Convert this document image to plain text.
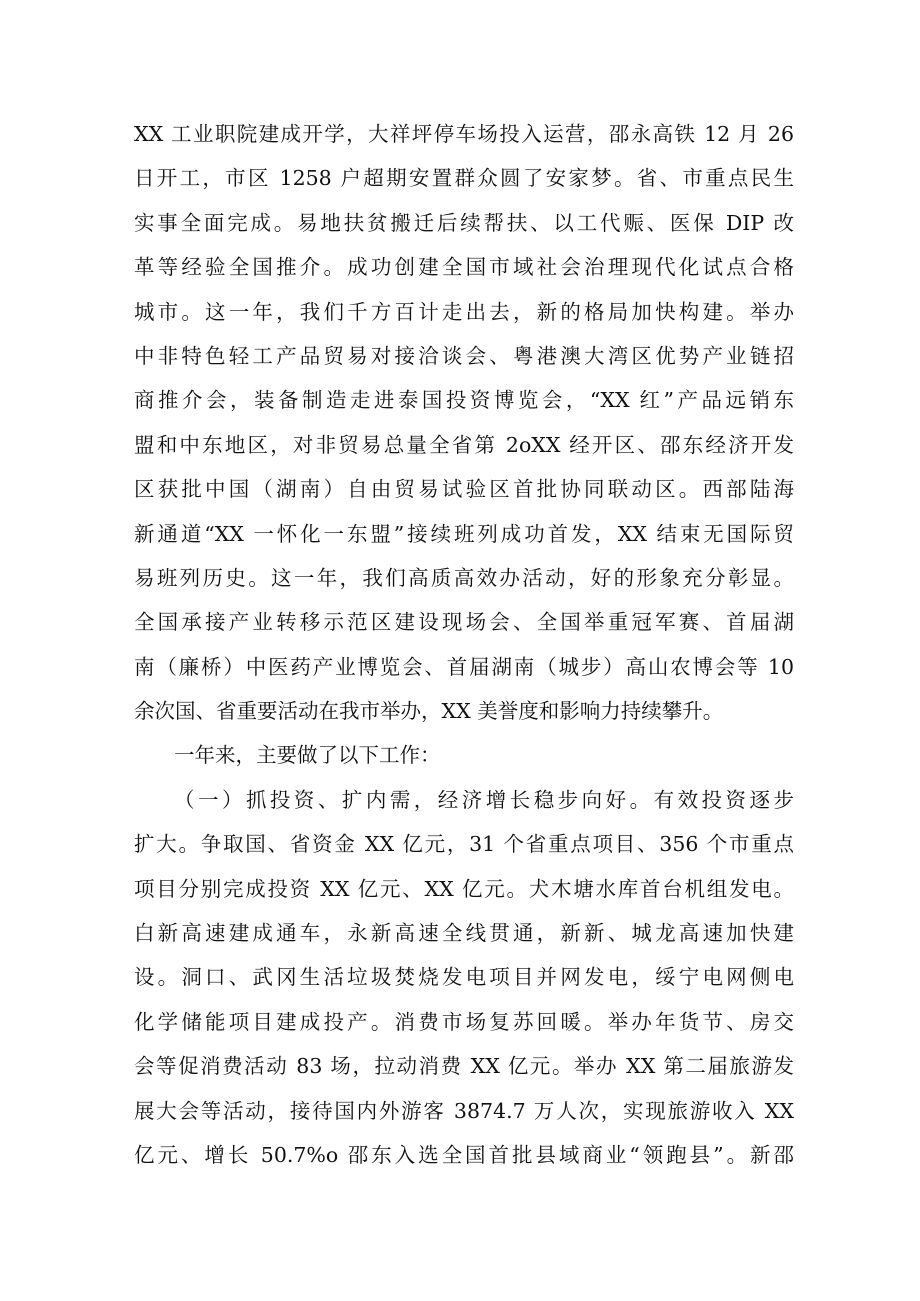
XX 工业职院建成开学，大祥坪停车场投入运营，邵永高铁 12 月 26
日开工，市区 1258 户超期安置群众圆了安家梦。省、市重点民生
实事全面完成。易地扶贫搬迁后续帮扶、以工代赈、医保 DIP 改
革等经验全国推介。成功创建全国市域社会治理现代化试点合格
城市。这一年，我们千方百计走出去，新的格局加快构建。举办
中非特色轻工产品贸易对接洽谈会、粤港澳大湾区优势产业链招
商推介会，装备制造走进泰国投资博览会，“XX 红”产品远销东
盟和中东地区，对非贸易总量全省第 2oXX 经开区、邵东经济开发
区获批中国（湖南）自由贸易试验区首批协同联动区。西部陆海
新通道“XX 一怀化一东盟”接续班列成功首发，XX 结束无国际贸
易班列历史。这一年，我们高质高效办活动，好的形象充分彰显。
全国承接产业转移示范区建设现场会、全国举重冠军赛、首届湖
南（廉桥）中医药产业博览会、首届湖南（城步）高山农博会等 10
余次国、省重要活动在我市举办，XX 美誉度和影响力持续攀升。
一年来，主要做了以下工作：
（一）抓投资、扩内需，经济增长稳步向好。有效投资逐步
扩大。争取国、省资金 XX 亿元，31 个省重点项目、356 个市重点
项目分别完成投资 XX 亿元、XX 亿元。犬木塘水库首台机组发电。
白新高速建成通车，永新高速全线贯通，新新、城龙高速加快建
设。洞口、武冈生活垃圾焚烧发电项目并网发电，绥宁电网侧电
化学储能项目建成投产。消费市场复苏回暖。举办年货节、房交
会等促消费活动 83 场，拉动消费 XX 亿元。举办 XX 第二届旅游发
展大会等活动，接待国内外游客 3874.7 万人次，实现旅游收入 XX
亿元、增长 50.7%o 邵东入选全国首批县域商业“领跑县”。新邵
